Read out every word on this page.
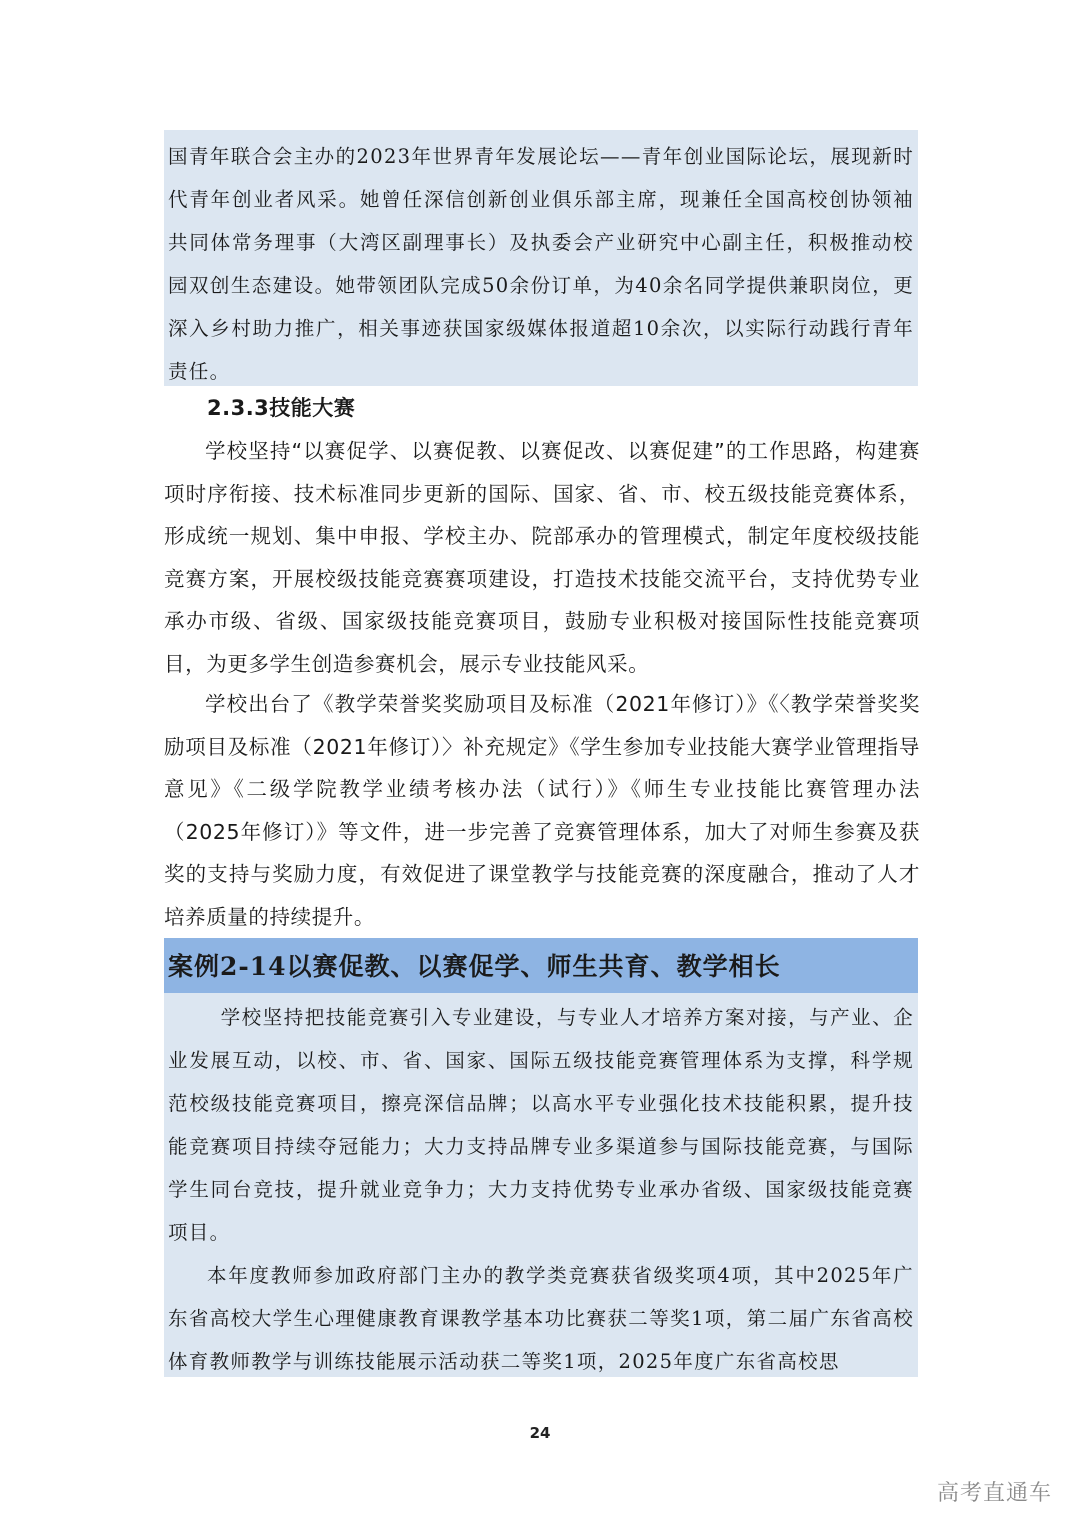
国青年联合会主办的2023年世界青年发展论坛——青年创业国际论坛，展现新时代青年创业者风采。她曾任深信创新创业俱乐部主席，现兼任全国高校创协领袖共同体常务理事（大湾区副理事长）及执委会产业研究中心副主任，积极推动校园双创生态建设。她带领团队完成50余份订单，为40余名同学提供兼职岗位，更深入乡村助力推广，相关事迹获国家级媒体报道超10余次，以实际行动践行青年责任。

2.3.3技能大赛

学校坚持“以赛促学、以赛促教、以赛促改、以赛促建”的工作思路，构建赛项时序衔接、技术标准同步更新的国际、国家、省、市、校五级技能竞赛体系，形成统一规划、集中申报、学校主办、院部承办的管理模式，制定年度校级技能竞赛方案，开展校级技能竞赛赛项建设，打造技术技能交流平台，支持优势专业承办市级、省级、国家级技能竞赛项目，鼓励专业积极对接国际性技能竞赛项目，为更多学生创造参赛机会，展示专业技能风采。

学校出台了《教学荣誉奖奖励项目及标准（2021年修订）》《〈教学荣誉奖奖励项目及标准（2021年修订）〉补充规定》《学生参加专业技能大赛学业管理指导意见》《二级学院教学业绩考核办法（试行）》《师生专业技能比赛管理办法（2025年修订）》等文件，进一步完善了竞赛管理体系，加大了对师生参赛及获奖的支持与奖励力度，有效促进了课堂教学与技能竞赛的深度融合，推动了人才培养质量的持续提升。

案例2-14以赛促教、以赛促学、师生共育、教学相长

学校坚持把技能竞赛引入专业建设，与专业人才培养方案对接，与产业、企业发展互动，以校、市、省、国家、国际五级技能竞赛管理体系为支撑，科学规范校级技能竞赛项目，擦亮深信品牌；以高水平专业强化技术技能积累，提升技能竞赛项目持续夺冠能力；大力支持品牌专业多渠道参与国际技能竞赛，与国际学生同台竞技，提升就业竞争力；大力支持优势专业承办省级、国家级技能竞赛项目。

本年度教师参加政府部门主办的教学类竞赛获省级奖项4项，其中2025年广东省高校大学生心理健康教育课教学基本功比赛获二等奖1项，第二届广东省高校体育教师教学与训练技能展示活动获二等奖1项，2025年度广东省高校思

24
高考直通车
